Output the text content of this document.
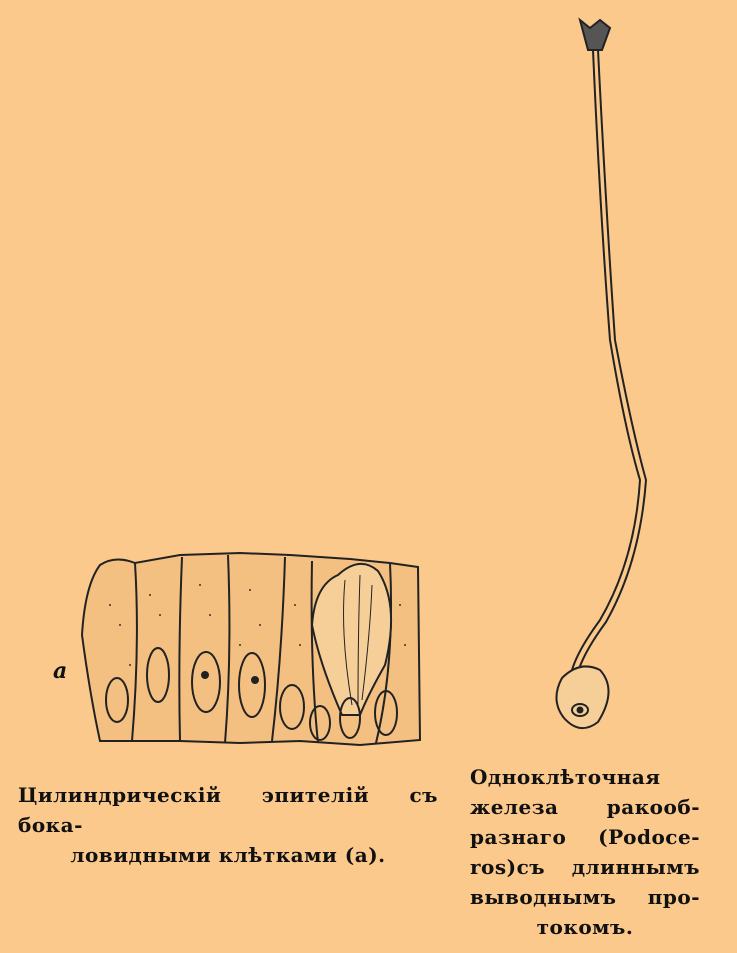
a
Цилиндрическій эпителій съ бока-
ловидными клѣтками (a).
Одноклѣточная
железа ракооб-
разнаго (Podoce-
ros)съ длиннымъ
выводнымъ про-
токомъ.
